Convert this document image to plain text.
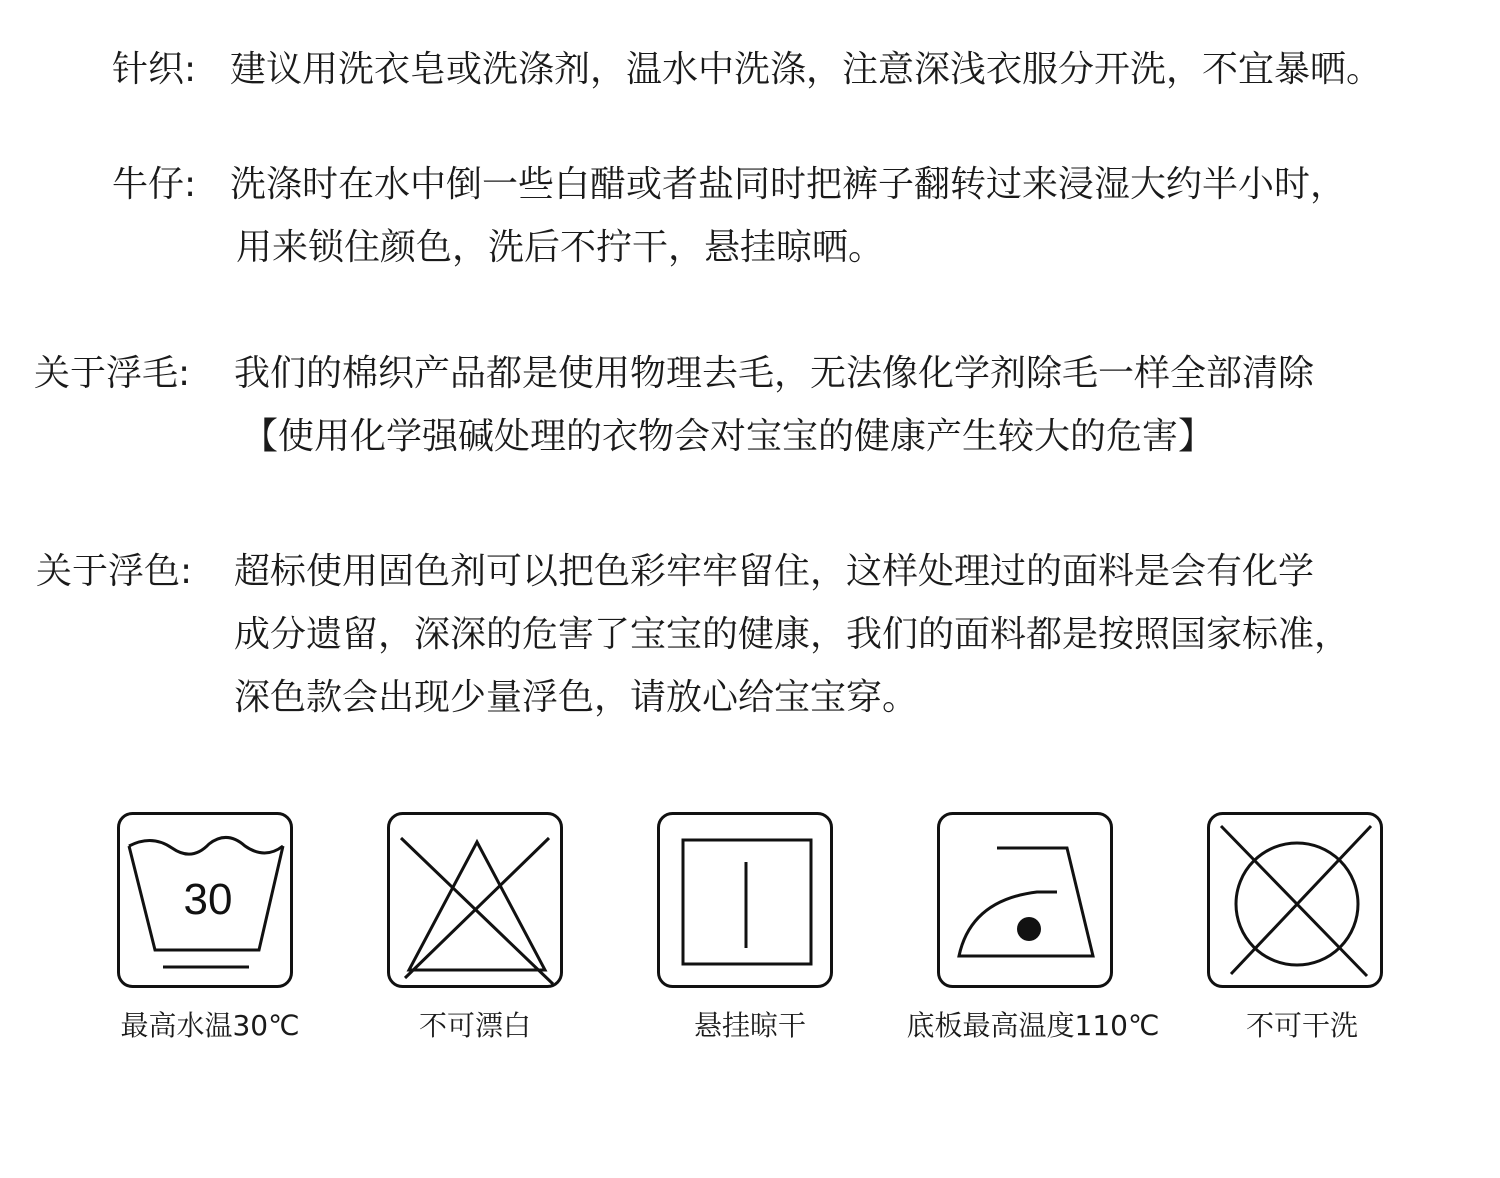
针织: 建议用洗衣皂或洗涤剂，温水中洗涤，注意深浅衣服分开洗，不宜暴晒。
牛仔: 洗涤时在水中倒一些白醋或者盐同时把裤子翻转过来浸湿大约半小时，
用来锁住颜色，洗后不拧干，悬挂晾晒。
关于浮毛: 我们的棉织产品都是使用物理去毛，无法像化学剂除毛一样全部清除
【使用化学强碱处理的衣物会对宝宝的健康产生较大的危害】
关于浮色: 超标使用固色剂可以把色彩牢牢留住，这样处理过的面料是会有化学
成分遗留，深深的危害了宝宝的健康，我们的面料都是按照国家标准，
深色款会出现少量浮色，请放心给宝宝穿。
30
最高水温30℃	不可漂白	悬挂晾干	底板最高温度110℃	不可干洗
